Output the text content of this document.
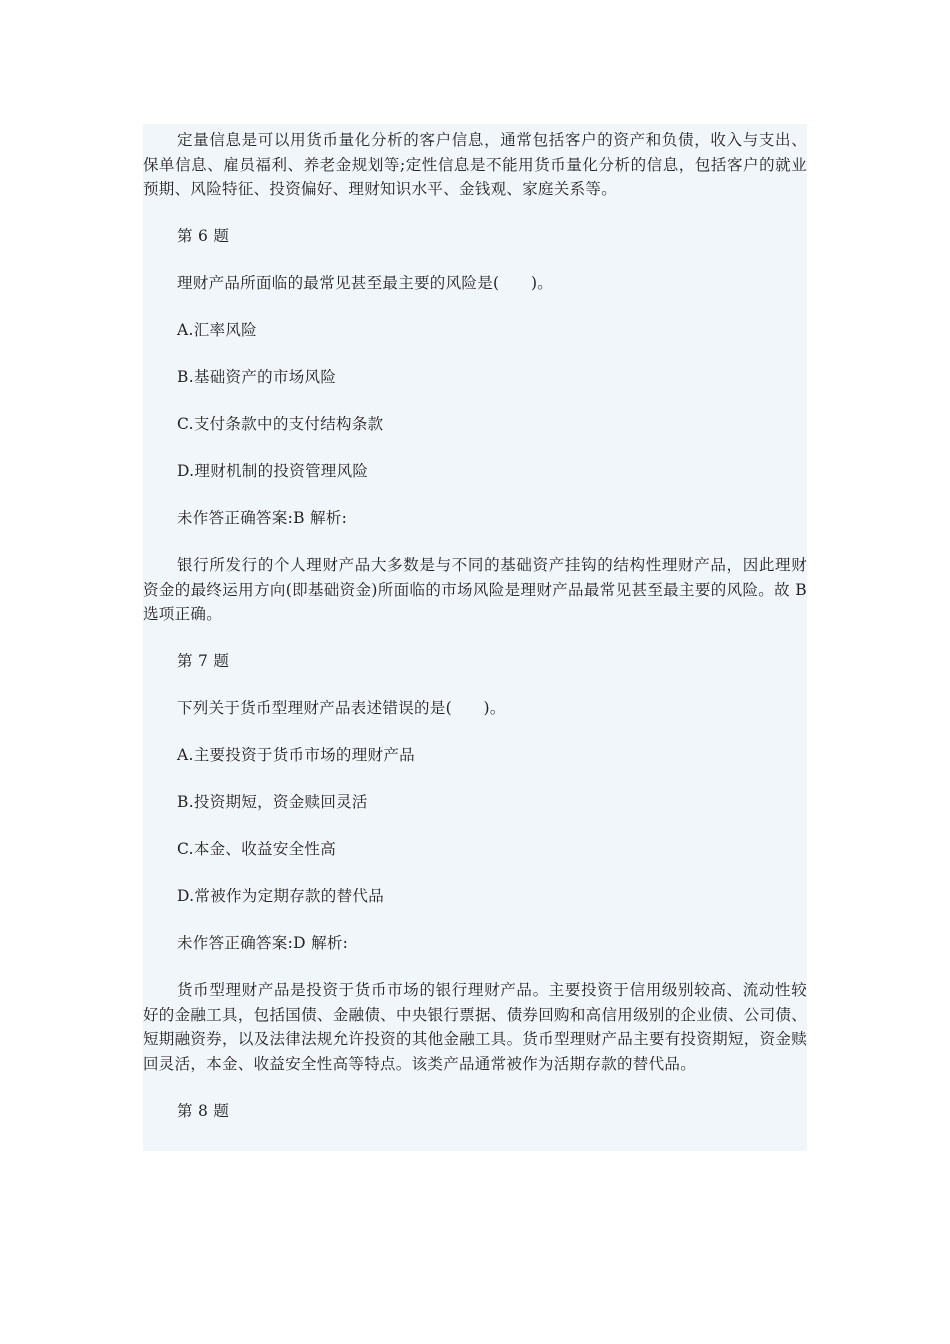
定量信息是可以用货币量化分析的客户信息，通常包括客户的资产和负债，收入与支出、保单信息、雇员福利、养老金规划等;定性信息是不能用货币量化分析的信息，包括客户的就业预期、风险特征、投资偏好、理财知识水平、金钱观、家庭关系等。

第 6 题

理财产品所面临的最常见甚至最主要的风险是(　　)。

A.汇率风险

B.基础资产的市场风险

C.支付条款中的支付结构条款

D.理财机制的投资管理风险

未作答正确答案:B 解析:

银行所发行的个人理财产品大多数是与不同的基础资产挂钩的结构性理财产品，因此理财资金的最终运用方向(即基础资金)所面临的市场风险是理财产品最常见甚至最主要的风险。故 B 选项正确。

第 7 题

下列关于货币型理财产品表述错误的是(　　)。

A.主要投资于货币市场的理财产品

B.投资期短，资金赎回灵活

C.本金、收益安全性高

D.常被作为定期存款的替代品

未作答正确答案:D 解析:

货币型理财产品是投资于货币市场的银行理财产品。主要投资于信用级别较高、流动性较好的金融工具，包括国债、金融债、中央银行票据、债券回购和高信用级别的企业债、公司债、短期融资券，以及法律法规允许投资的其他金融工具。货币型理财产品主要有投资期短，资金赎回灵活，本金、收益安全性高等特点。该类产品通常被作为活期存款的替代品。

第 8 题
